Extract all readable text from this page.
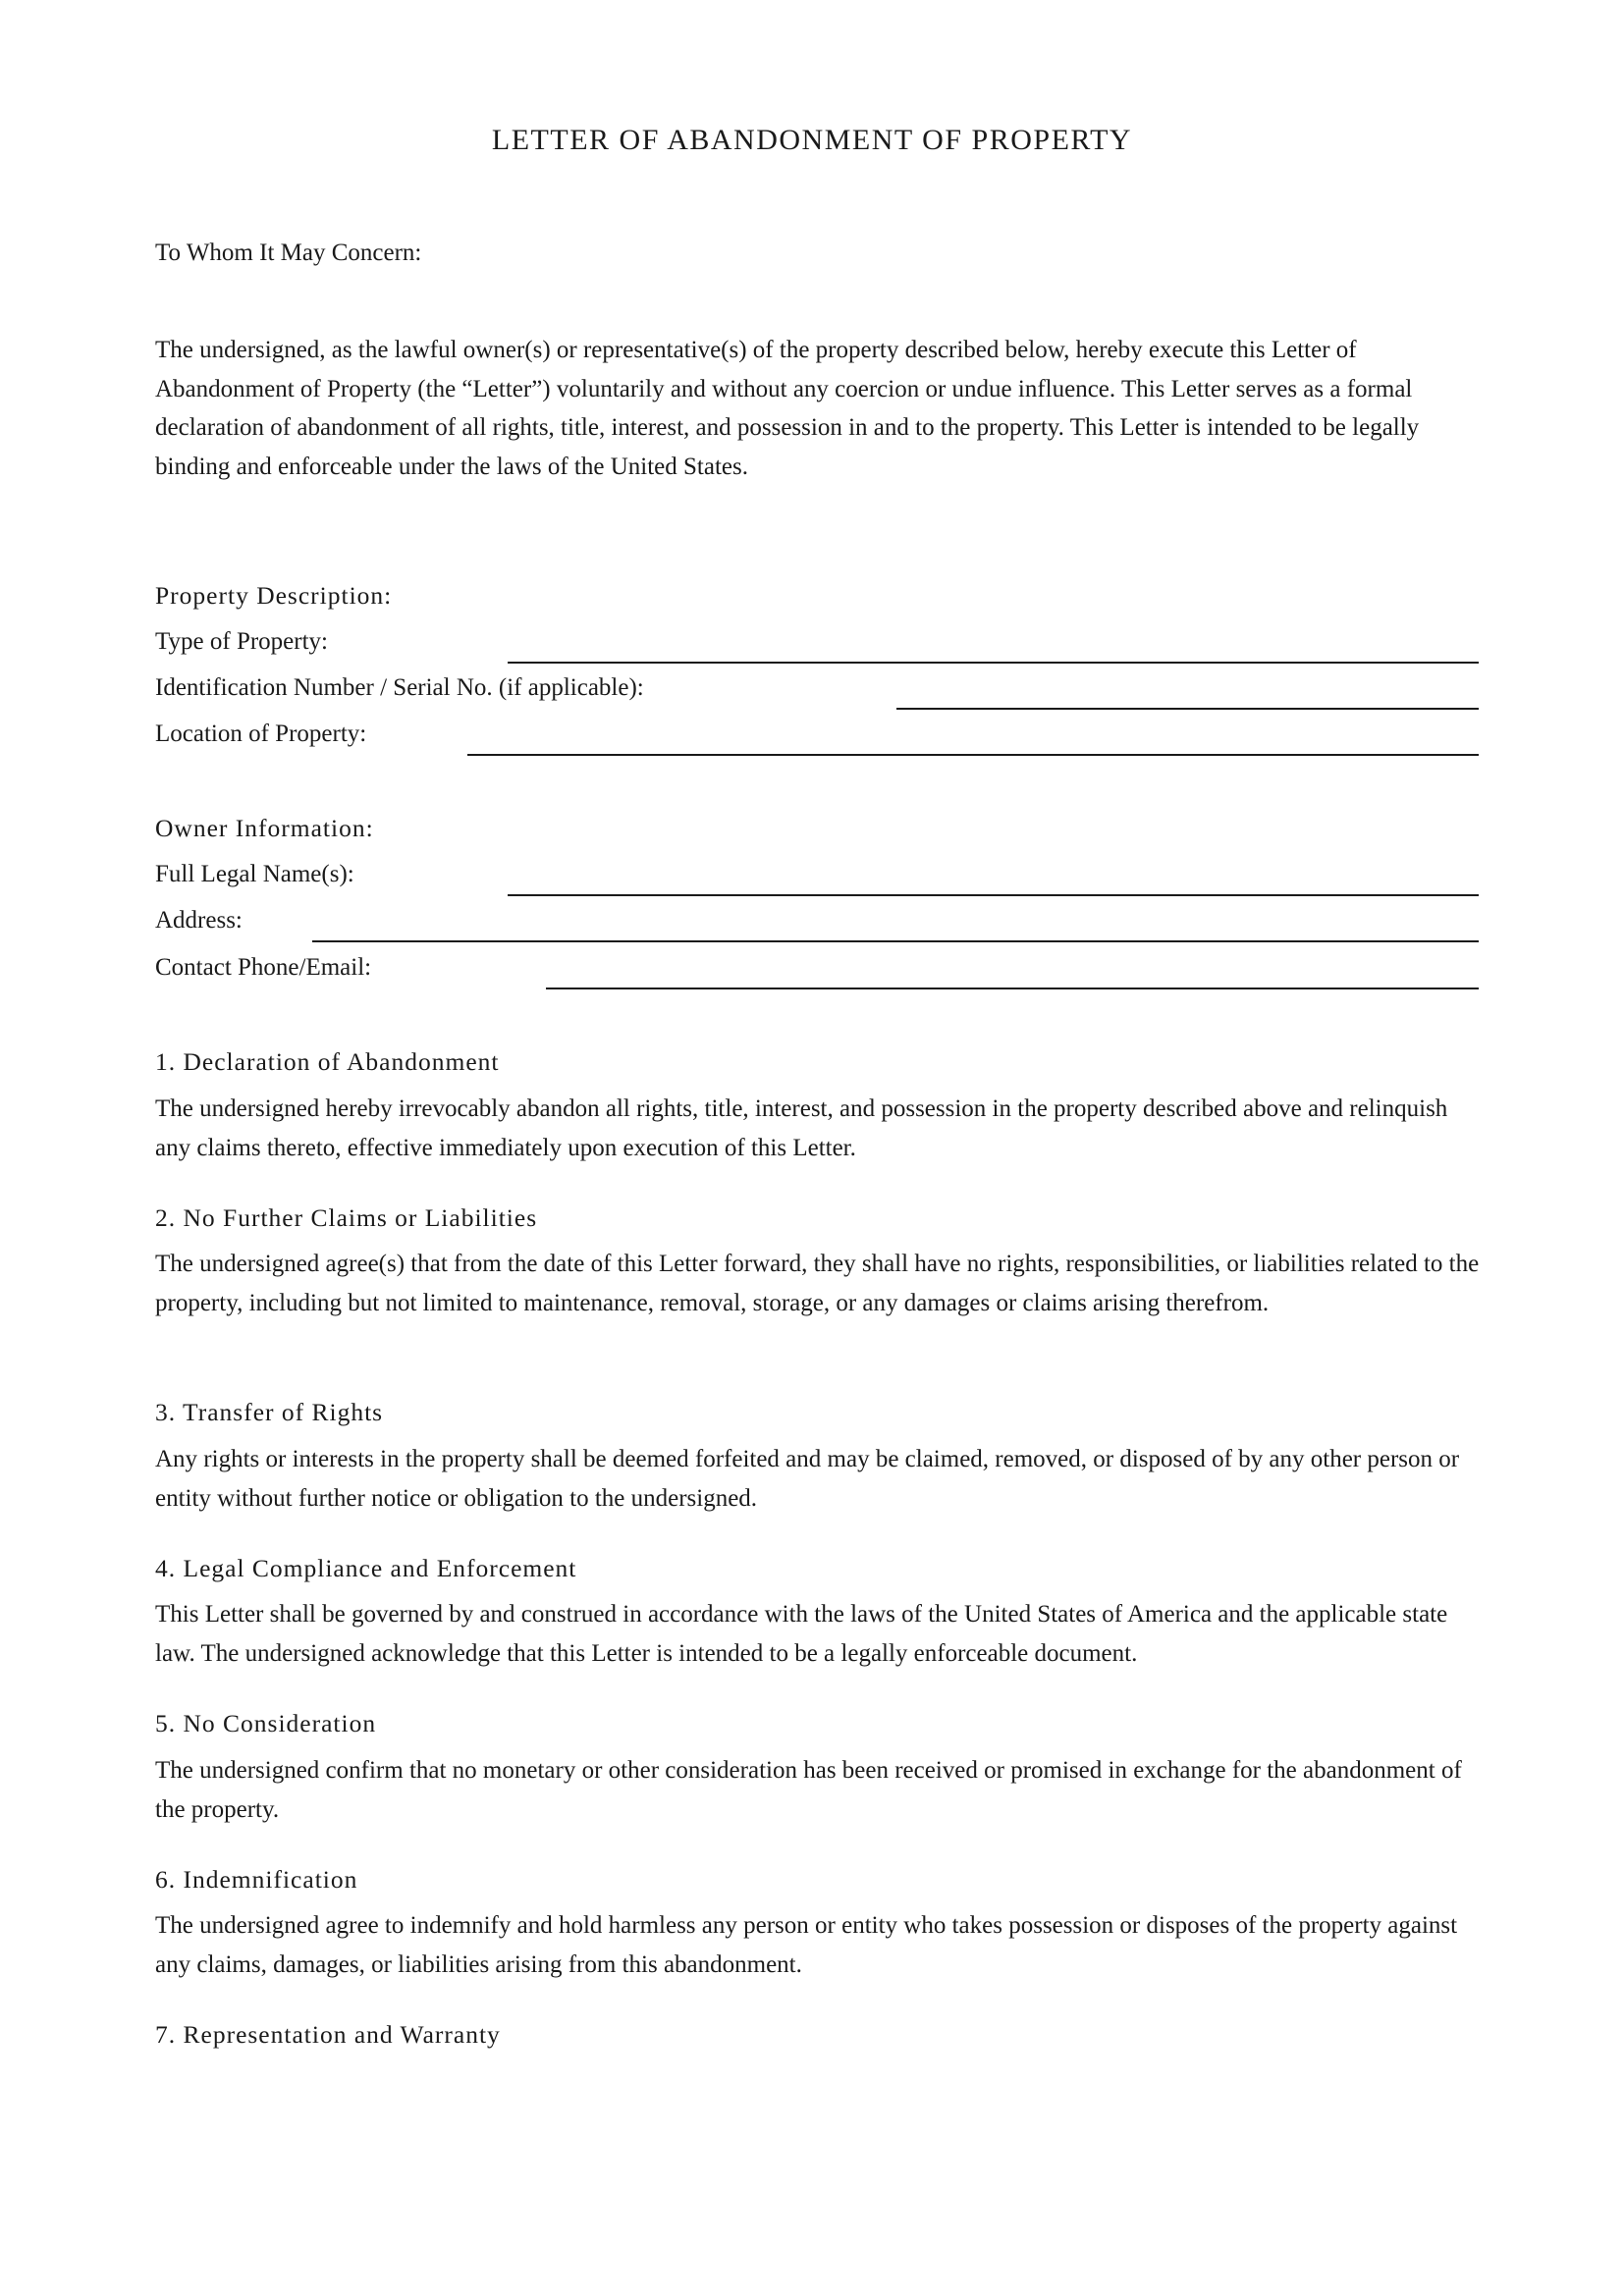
LETTER OF ABANDONMENT OF PROPERTY
To Whom It May Concern:
The undersigned, as the lawful owner(s) or representative(s) of the property described below, hereby execute this Letter of Abandonment of Property (the “Letter”) voluntarily and without any coercion or undue influence. This Letter serves as a formal declaration of abandonment of all rights, title, interest, and possession in and to the property. This Letter is intended to be legally binding and enforceable under the laws of the United States.
Property Description:
Type of Property:
Identification Number / Serial No. (if applicable):
Location of Property:
Owner Information:
Full Legal Name(s):
Address:
Contact Phone/Email:
1. Declaration of Abandonment
The undersigned hereby irrevocably abandon all rights, title, interest, and possession in the property described above and relinquish any claims thereto, effective immediately upon execution of this Letter.
2. No Further Claims or Liabilities
The undersigned agree(s) that from the date of this Letter forward, they shall have no rights, responsibilities, or liabilities related to the property, including but not limited to maintenance, removal, storage, or any damages or claims arising therefrom.
3. Transfer of Rights
Any rights or interests in the property shall be deemed forfeited and may be claimed, removed, or disposed of by any other person or entity without further notice or obligation to the undersigned.
4. Legal Compliance and Enforcement
This Letter shall be governed by and construed in accordance with the laws of the United States of America and the applicable state law. The undersigned acknowledge that this Letter is intended to be a legally enforceable document.
5. No Consideration
The undersigned confirm that no monetary or other consideration has been received or promised in exchange for the abandonment of the property.
6. Indemnification
The undersigned agree to indemnify and hold harmless any person or entity who takes possession or disposes of the property against any claims, damages, or liabilities arising from this abandonment.
7. Representation and Warranty
